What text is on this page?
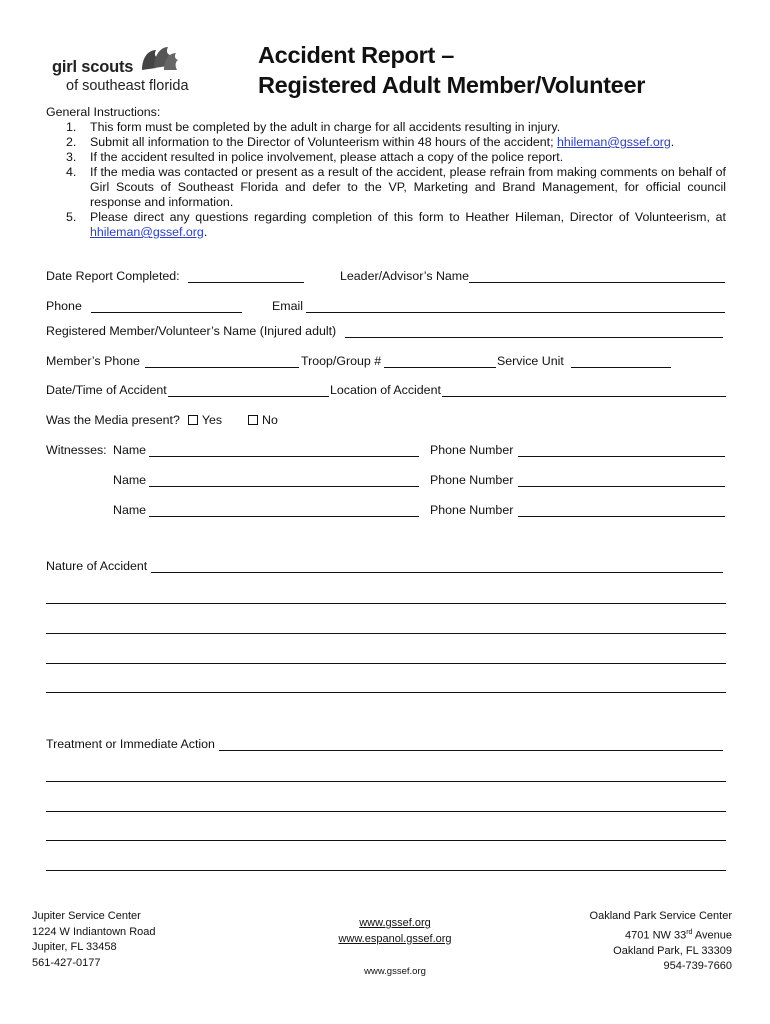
girl scouts
of southeast florida
Accident Report –
Registered Adult Member/Volunteer
General Instructions:
1.	This form must be completed by the adult in charge for all accidents resulting in injury.
2.	Submit all information to the Director of Volunteerism within 48 hours of the accident; hhileman@gssef.org.
3.	If the accident resulted in police involvement, please attach a copy of the police report.
4.	If the media was contacted or present as a result of the accident, please refrain from making comments on behalf of Girl Scouts of Southeast Florida and defer to the VP, Marketing and Brand Management, for official council response and information.
5.	Please direct any questions regarding completion of this form to Heather Hileman, Director of Volunteerism, at hhileman@gssef.org.
Date Report Completed:	Leader/Advisor’s Name
Phone	Email
Registered Member/Volunteer’s Name (Injured adult)
Member’s Phone	Troop/Group #	Service Unit
Date/Time of Accident	Location of Accident
Was the Media present? Yes	No
Witnesses: Name	Phone Number
Name	Phone Number
Name	Phone Number
Nature of Accident
Treatment or Immediate Action
Jupiter Service Center
1224 W Indiantown Road
Jupiter, FL 33458
561-427-0177
www.gssef.org
www.espanol.gssef.org
www.gssef.org
Oakland Park Service Center
4701 NW 33rd Avenue
Oakland Park, FL 33309
954-739-7660
